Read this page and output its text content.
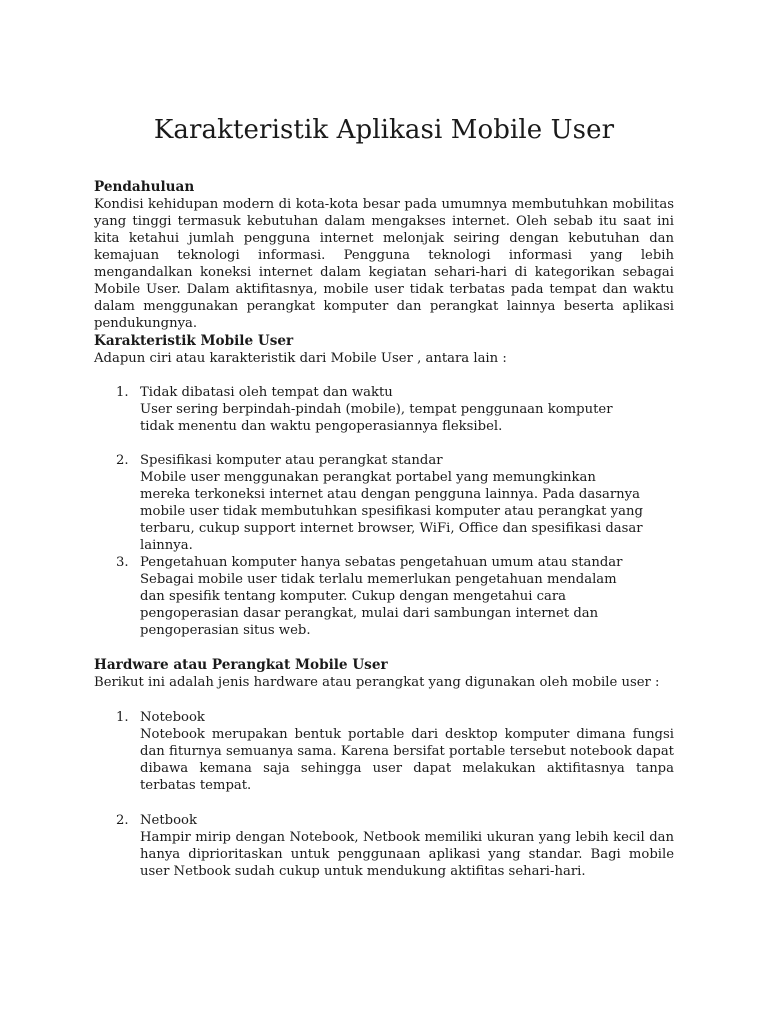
Karakteristik Aplikasi Mobile User

Pendahuluan

Kondisi kehidupan modern di kota-kota besar pada umumnya membutuhkan mobilitas yang tinggi termasuk kebutuhan dalam mengakses internet. Oleh sebab itu saat ini kita ketahui jumlah pengguna internet melonjak seiring dengan kebutuhan dan kemajuan teknologi informasi. Pengguna teknologi informasi yang lebih mengandalkan koneksi internet dalam kegiatan sehari-hari di kategorikan sebagai Mobile User. Dalam aktifitasnya, mobile user tidak terbatas pada tempat dan waktu dalam menggunakan perangkat komputer dan perangkat lainnya beserta aplikasi pendukungnya.

Karakteristik Mobile User

Adapun ciri atau karakteristik dari Mobile User , antara lain :

1. Tidak dibatasi oleh tempat dan waktu

User sering berpindah-pindah (mobile), tempat penggunaan komputer tidak menentu dan waktu pengoperasiannya fleksibel.

2. Spesifikasi komputer atau perangkat standar

Mobile user menggunakan perangkat portabel yang memungkinkan mereka terkoneksi internet atau dengan pengguna lainnya. Pada dasarnya mobile user tidak membutuhkan spesifikasi komputer atau perangkat yang terbaru, cukup support internet browser, WiFi, Office dan spesifikasi dasar lainnya.

3. Pengetahuan komputer hanya sebatas pengetahuan umum atau standar

Sebagai mobile user tidak terlalu memerlukan pengetahuan mendalam dan spesifik tentang komputer. Cukup dengan mengetahui cara pengoperasian dasar perangkat, mulai dari sambungan internet dan pengoperasian situs web.

Hardware atau Perangkat Mobile User

Berikut ini adalah jenis hardware atau perangkat yang digunakan oleh mobile user :

1. Notebook

Notebook merupakan bentuk portable dari desktop komputer dimana fungsi dan fiturnya semuanya sama. Karena bersifat portable tersebut notebook dapat dibawa kemana saja sehingga user dapat melakukan aktifitasnya tanpa terbatas tempat.

2. Netbook

Hampir mirip dengan Notebook, Netbook memiliki ukuran yang lebih kecil dan hanya diprioritaskan untuk penggunaan aplikasi yang standar. Bagi mobile user Netbook sudah cukup untuk mendukung aktifitas sehari-hari.
